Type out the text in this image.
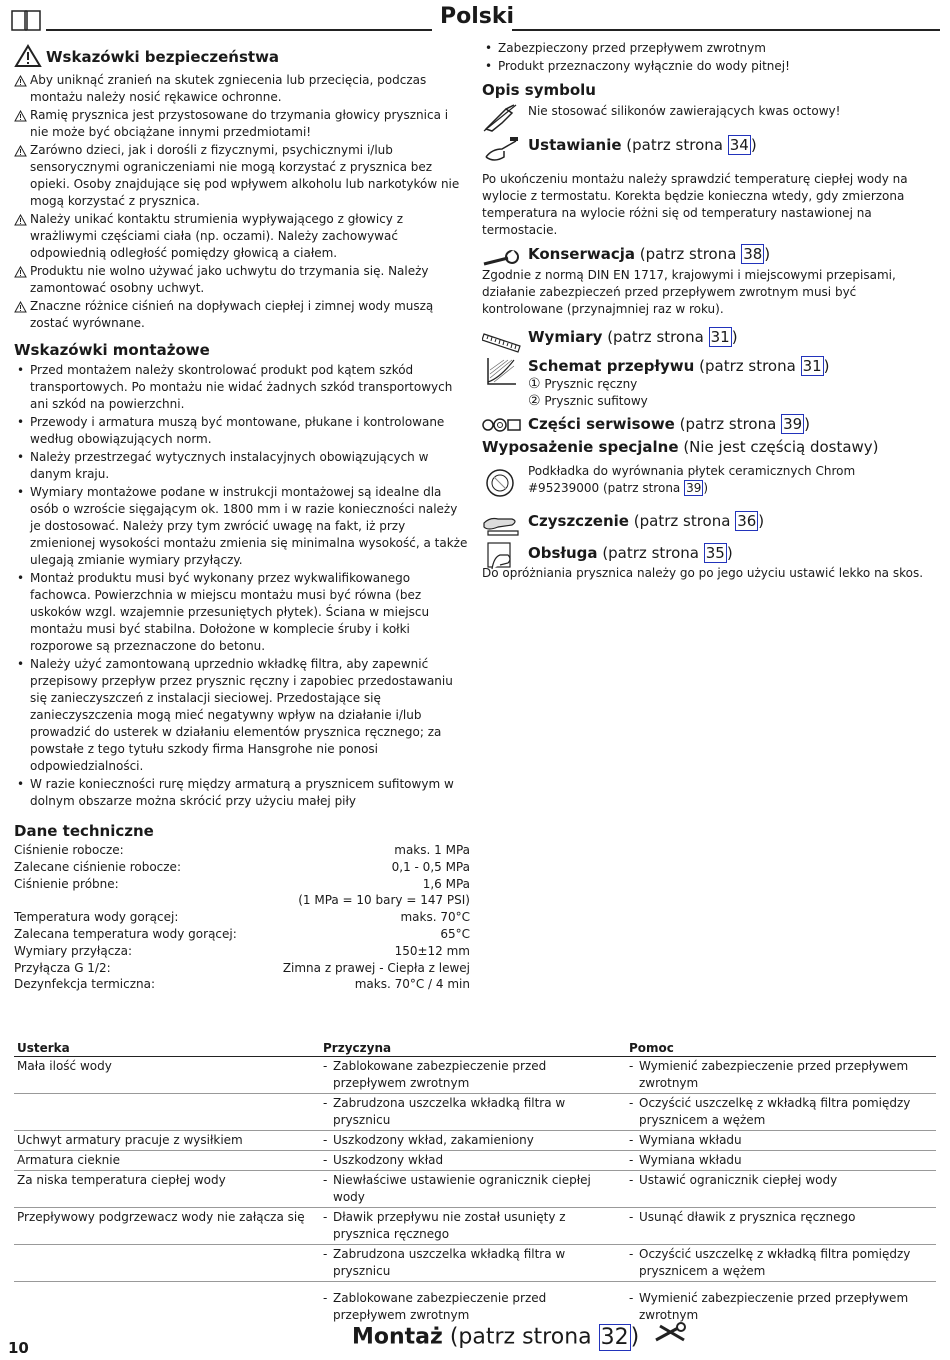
Polski
Wskazówki bezpieczeństwa
Aby uniknąć zranień na skutek zgniecenia lub przecięcia, podczas montażu należy nosić rękawice ochronne.
Ramię prysznica jest przystosowane do trzymania głowicy prysznica i nie może być obciążane innymi przedmiotami!
Zarówno dzieci, jak i dorośli z fizycznymi, psychicznymi i/lub sensorycznymi ograniczeniami nie mogą korzystać z prysznica bez opieki. Osoby znajdujące się pod wpływem alkoholu lub narkotyków nie mogą korzystać z prysznica.
Należy unikać kontaktu strumienia wypływającego z głowicy z wrażliwymi częściami ciała (np. oczami). Należy zachowywać odpowiednią odległość pomiędzy głowicą a ciałem.
Produktu nie wolno używać jako uchwytu do trzymania się. Należy zamontować osobny uchwyt.
Znaczne różnice ciśnień na dopływach ciepłej i zimnej wody muszą zostać wyrównane.
Wskazówki montażowe
• Przed montażem należy skontrolować produkt pod kątem szkód transportowych. Po montażu nie widać żadnych szkód transportowych ani szkód na powierzchni.
• Przewody i armatura muszą być montowane, płukane i kontrolowane według obowiązujących norm.
• Należy przestrzegać wytycznych instalacyjnych obowiązujących w danym kraju.
• Wymiary montażowe podane w instrukcji montażowej są idealne dla osób o wzroście sięgającym ok. 1800 mm i w razie konieczności należy je dostosować. Należy przy tym zwrócić uwagę na fakt, iż przy zmienionej wysokości montażu zmienia się minimalna wysokość, a także ulegają zmianie wymiary przyłączy.
• Montaż produktu musi być wykonany przez wykwalifikowanego fachowca. Powierzchnia w miejscu montażu musi być równa (bez uskoków wzgl. wzajemnie przesuniętych płytek). Ściana w miejscu montażu musi być stabilna. Dołożone w komplecie śruby i kołki rozporowe są przeznaczone do betonu.
• Należy użyć zamontowaną uprzednio wkładkę filtra, aby zapewnić przepisowy przepływ przez prysznic ręczny i zapobiec przedostawaniu się zanieczyszczeń z instalacji sieciowej. Przedostające się zanieczyszczenia mogą mieć negatywny wpływ na działanie i/lub prowadzić do usterek w działaniu elementów prysznica ręcznego; za powstałe z tego tytułu szkody firma Hansgrohe nie ponosi odpowiedzialności.
• W razie konieczności rurę między armaturą a prysznicem sufitowym w dolnym obszarze można skrócić przy użyciu małej piły
Dane techniczne
Ciśnienie robocze:	maks. 1 MPa
Zalecane ciśnienie robocze:	0,1 - 0,5 MPa
Ciśnienie próbne:	1,6 MPa
(1 MPa = 10 bary = 147 PSI)
Temperatura wody gorącej:	maks. 70°C
Zalecana temperatura wody gorącej:	65°C
Wymiary przyłącza:	150±12 mm
Przyłącza G 1/2:	Zimna z prawej - Ciepła z lewej
Dezynfekcja termiczna:	maks. 70°C / 4 min
• Zabezpieczony przed przepływem zwrotnym
• Produkt przeznaczony wyłącznie do wody pitnej!
Opis symbolu
Nie stosować silikonów zawierających kwas octowy!
Ustawianie (patrz strona 34 )
Po ukończeniu montażu należy sprawdzić temperaturę ciepłej wody na wylocie z termostatu. Korekta będzie konieczna wtedy, gdy zmierzona temperatura na wylocie różni się od temperatury nastawionej na termostacie.
Konserwacja (patrz strona 38 )
Zgodnie z normą DIN EN 1717, krajowymi i miejscowymi przepisami, działanie zabezpieczeń przed przepływem zwrotnym musi być kontrolowane (przynajmniej raz w roku).
Wymiary (patrz strona 31 )
Schemat przepływu (patrz strona 31 )
① Prysznic ręczny
② Prysznic sufitowy
Części serwisowe (patrz strona 39 )
Wyposażenie specjalne (Nie jest częścią dostawy)
Podkładka do wyrównania płytek ceramicznych Chrom
#95239000 (patrz strona 39 )
Czyszczenie (patrz strona 36 )
Obsługa (patrz strona 35 )
Do opróżniania prysznica należy go po jego użyciu ustawić lekko na skos.
Usterka	Przyczyna	Pomoc
Mała ilość wody	- Zablokowane zabezpieczenie przed przepływem zwrotnym	- Wymienić zabezpieczenie przed przepływem zwrotnym

	- Zabrudzona uszczelka wkładką filtra w prysznicu	- Oczyścić uszczelkę z wkładką filtra pomiędzy prysznicem a wężem

Uchwyt armatury pracuje z wysiłkiem	- Uszkodzony wkład, zakamieniony	- Wymiana wkładu

Armatura cieknie	- Uszkodzony wkład	- Wymiana wkładu

Za niska temperatura ciepłej wody	- Niewłaściwe ustawienie ogranicznik ciepłej wody	- Ustawić ogranicznik ciepłej wody

Przepływowy podgrzewacz wody nie załącza się	- Dławik przepływu nie został usunięty z prysznica ręcznego	- Usunąć dławik z prysznica ręcznego

	- Zabrudzona uszczelka wkładką filtra w prysznicu	- Oczyścić uszczelkę z wkładką filtra pomiędzy prysznicem a wężem

	- Zablokowane zabezpieczenie przed przepływem zwrotnym	- Wymienić zabezpieczenie przed przepływem zwrotnym
Montaż (patrz strona 32)
10
